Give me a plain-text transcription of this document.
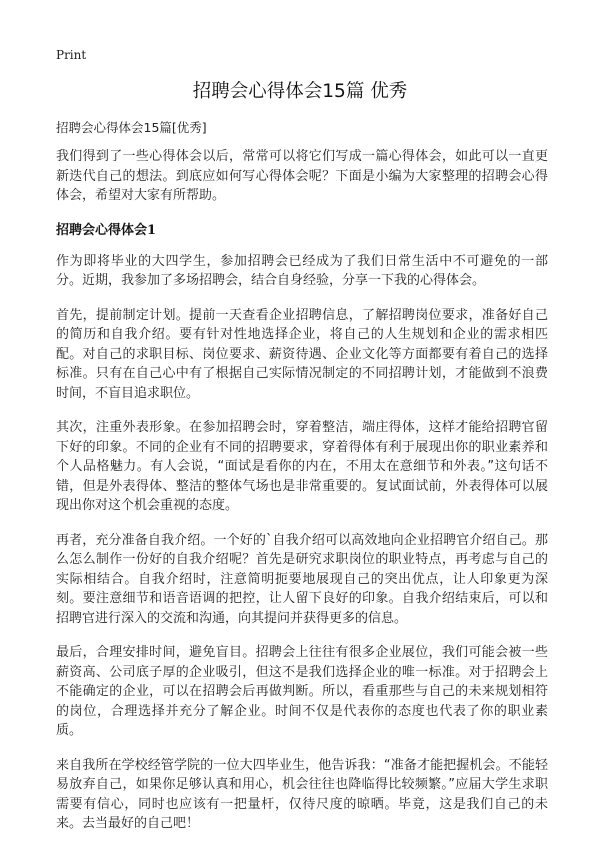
Print
招聘会心得体会15篇 优秀
招聘会心得体会15篇[优秀]

我们得到了一些心得体会以后，常常可以将它们写成一篇心得体会，如此可以一直更新迭代自己的想法。到底应如何写心得体会呢？下面是小编为大家整理的招聘会心得体会，希望对大家有所帮助。

招聘会心得体会1

作为即将毕业的大四学生，参加招聘会已经成为了我们日常生活中不可避免的一部分。近期，我参加了多场招聘会，结合自身经验，分享一下我的心得体会。

首先，提前制定计划。提前一天查看企业招聘信息，了解招聘岗位要求，准备好自己的简历和自我介绍。要有针对性地选择企业，将自己的人生规划和企业的需求相匹配。对自己的求职目标、岗位要求、薪资待遇、企业文化等方面都要有着自己的选择标准。只有在自己心中有了根据自己实际情况制定的不同招聘计划，才能做到不浪费时间，不盲目追求职位。

其次，注重外表形象。在参加招聘会时，穿着整洁，端庄得体，这样才能给招聘官留下好的印象。不同的企业有不同的招聘要求，穿着得体有利于展现出你的职业素养和个人品格魅力。有人会说，“面试是看你的内在，不用太在意细节和外表。”这句话不错，但是外表得体、整洁的整体气场也是非常重要的。复试面试前，外表得体可以展现出你对这个机会重视的态度。

再者，充分准备自我介绍。一个好的`自我介绍可以高效地向企业招聘官介绍自己。那么怎么制作一份好的自我介绍呢？首先是研究求职岗位的职业特点，再考虑与自己的实际相结合。自我介绍时，注意简明扼要地展现自己的突出优点，让人印象更为深刻。要注意细节和语音语调的把控，让人留下良好的印象。自我介绍结束后，可以和招聘官进行深入的交流和沟通，向其提问并获得更多的信息。

最后，合理安排时间，避免盲目。招聘会上往往有很多企业展位，我们可能会被一些薪资高、公司底子厚的企业吸引，但这不是我们选择企业的唯一标准。对于招聘会上不能确定的企业，可以在招聘会后再做判断。所以，看重那些与自己的未来规划相符的岗位，合理选择并充分了解企业。时间不仅是代表你的态度也代表了你的职业素质。

来自我所在学校经管学院的一位大四毕业生，他告诉我：“准备才能把握机会。不能轻易放弃自己，如果你足够认真和用心，机会往往也降临得比较频繁。”应届大学生求职需要有信心，同时也应该有一把量杆，仅待尺度的晾晒。毕竟，这是我们自己的未来。去当最好的自己吧！
